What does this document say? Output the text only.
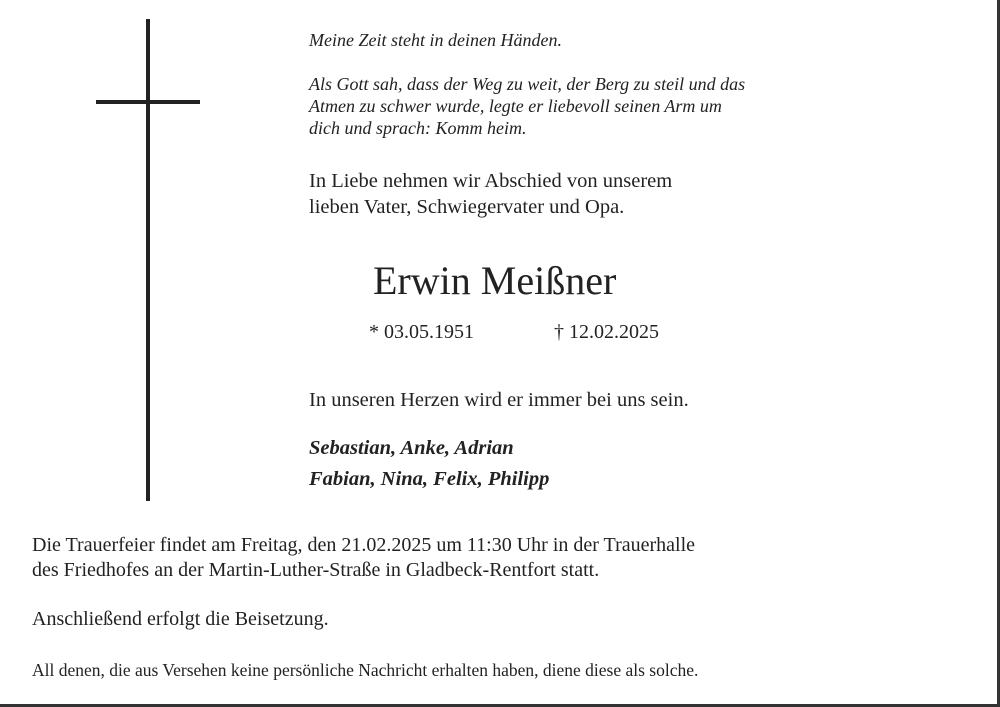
Meine Zeit steht in deinen Händen.

Als Gott sah, dass der Weg zu weit, der Berg zu steil und das

Atmen zu schwer wurde, legte er liebevoll seinen Arm um

dich und sprach: Komm heim.

In Liebe nehmen wir Abschied von unserem

lieben Vater, Schwiegervater und Opa.

Erwin Meißner

* 03.05.1951	† 12.02.2025

In unseren Herzen wird er immer bei uns sein.

Sebastian, Anke, Adrian

Fabian, Nina, Felix, Philipp

Die Trauerfeier findet am Freitag, den 21.02.2025 um 11:30 Uhr in der Trauerhalle

des Friedhofes an der Martin-Luther-Straße in Gladbeck-Rentfort statt.

Anschließend erfolgt die Beisetzung.

All denen, die aus Versehen keine persönliche Nachricht erhalten haben, diene diese als solche.
